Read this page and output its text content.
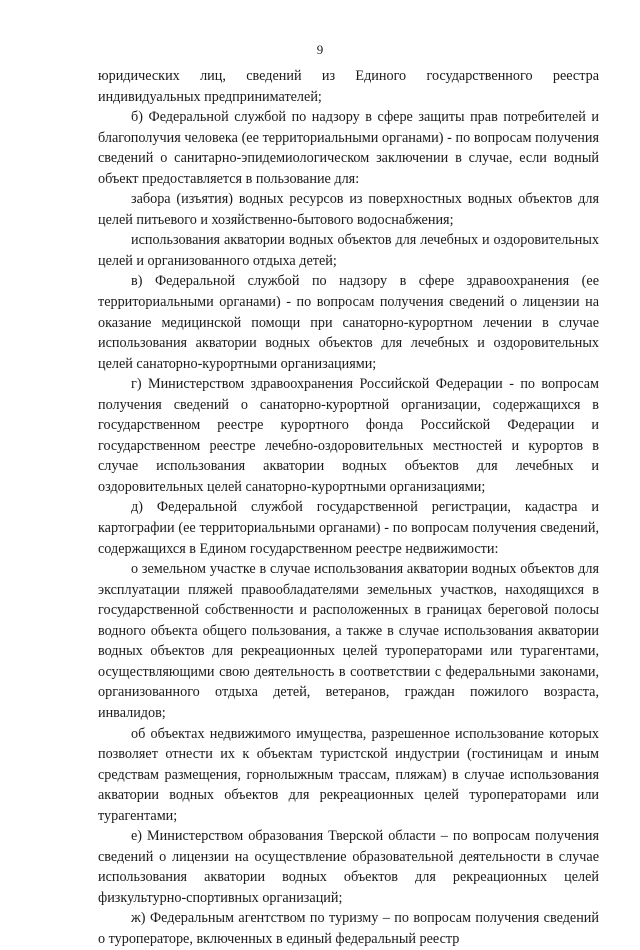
9

юридических лиц, сведений из Единого государственного реестра индивидуальных предпринимателей;

б) Федеральной службой по надзору в сфере защиты прав потребителей и благополучия человека (ее территориальными органами) - по вопросам получения сведений о санитарно-эпидемиологическом заключении в случае, если водный объект предоставляется в пользование для:

забора (изъятия) водных ресурсов из поверхностных водных объектов для целей питьевого и хозяйственно-бытового водоснабжения;

использования акватории водных объектов для лечебных и оздоровительных целей и организованного отдыха детей;

в) Федеральной службой по надзору в сфере здравоохранения (ее территориальными органами) - по вопросам получения сведений о лицензии на оказание медицинской помощи при санаторно-курортном лечении в случае использования акватории водных объектов для лечебных и оздоровительных целей санаторно-курортными организациями;

г) Министерством здравоохранения Российской Федерации - по вопросам получения сведений о санаторно-курортной организации, содержащихся в государственном реестре курортного фонда Российской Федерации и государственном реестре лечебно-оздоровительных местностей и курортов в случае использования акватории водных объектов для лечебных и оздоровительных целей санаторно-курортными организациями;

д) Федеральной службой государственной регистрации, кадастра и картографии (ее территориальными органами) - по вопросам получения сведений, содержащихся в Едином государственном реестре недвижимости:

о земельном участке в случае использования акватории водных объектов для эксплуатации пляжей правообладателями земельных участков, находящихся в государственной собственности и расположенных в границах береговой полосы водного объекта общего пользования, а также в случае использования акватории водных объектов для рекреационных целей туроператорами или турагентами, осуществляющими свою деятельность в соответствии с федеральными законами, организованного отдыха детей, ветеранов, граждан пожилого возраста, инвалидов;

об объектах недвижимого имущества, разрешенное использование которых позволяет отнести их к объектам туристской индустрии (гостиницам и иным средствам размещения, горнолыжным трассам, пляжам) в случае использования акватории водных объектов для рекреационных целей туроператорами или турагентами;

е) Министерством образования Тверской области – по вопросам получения сведений о лицензии на осуществление образовательной деятельности в случае использования акватории водных объектов для рекреационных целей физкультурно-спортивных организаций;

ж) Федеральным агентством по туризму – по вопросам получения сведений о туроператоре, включенных в единый федеральный реестр
